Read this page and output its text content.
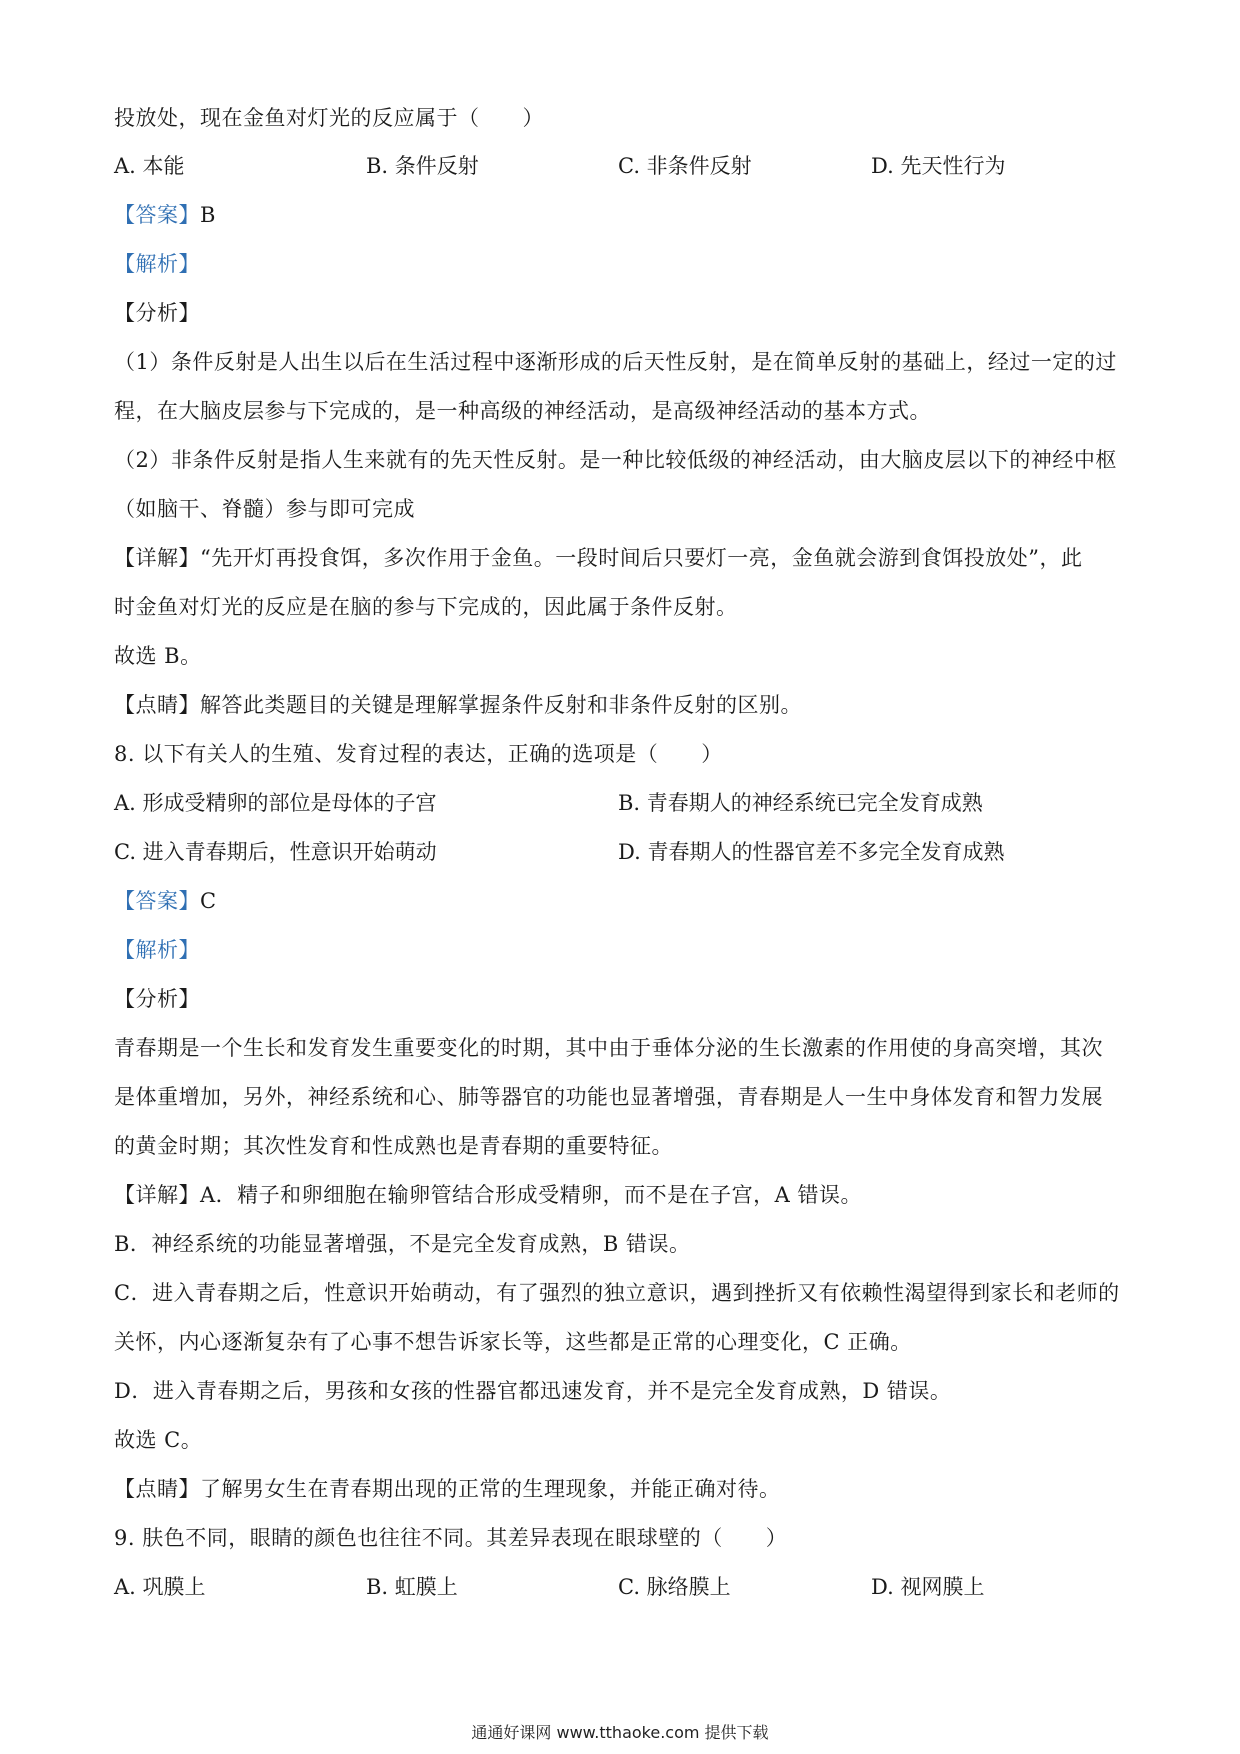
投放处，现在金鱼对灯光的反应属于（　　）
A. 本能	B. 条件反射	C. 非条件反射	D. 先天性行为
【答案】B
【解析】
【分析】
（1）条件反射是人出生以后在生活过程中逐渐形成的后天性反射，是在简单反射的基础上，经过一定的过
程，在大脑皮层参与下完成的，是一种高级的神经活动，是高级神经活动的基本方式。
（2）非条件反射是指人生来就有的先天性反射。是一种比较低级的神经活动，由大脑皮层以下的神经中枢
（如脑干、脊髓）参与即可完成
【详解】“先开灯再投食饵，多次作用于金鱼。一段时间后只要灯一亮，金鱼就会游到食饵投放处”，此
时金鱼对灯光的反应是在脑的参与下完成的，因此属于条件反射。
故选 B。
【点睛】解答此类题目的关键是理解掌握条件反射和非条件反射的区别。
8. 以下有关人的生殖、发育过程的表达，正确的选项是（　　）
A. 形成受精卵的部位是母体的子宫	B. 青春期人的神经系统已完全发育成熟
C. 进入青春期后，性意识开始萌动	D. 青春期人的性器官差不多完全发育成熟
【答案】C
【解析】
【分析】
青春期是一个生长和发育发生重要变化的时期，其中由于垂体分泌的生长激素的作用使的身高突增，其次
是体重增加，另外，神经系统和心、肺等器官的功能也显著增强，青春期是人一生中身体发育和智力发展
的黄金时期；其次性发育和性成熟也是青春期的重要特征。
【详解】A．精子和卵细胞在输卵管结合形成受精卵，而不是在子宫，A 错误。
B．神经系统的功能显著增强，不是完全发育成熟，B 错误。
C．进入青春期之后，性意识开始萌动，有了强烈的独立意识，遇到挫折又有依赖性渴望得到家长和老师的
关怀，内心逐渐复杂有了心事不想告诉家长等，这些都是正常的心理变化，C 正确。
D．进入青春期之后，男孩和女孩的性器官都迅速发育，并不是完全发育成熟，D 错误。
故选 C。
【点睛】了解男女生在青春期出现的正常的生理现象，并能正确对待。
9. 肤色不同，眼睛的颜色也往往不同。其差异表现在眼球壁的（　　）
A. 巩膜上	B. 虹膜上	C. 脉络膜上	D. 视网膜上
通通好课网 www.tthaoke.com 提供下载
